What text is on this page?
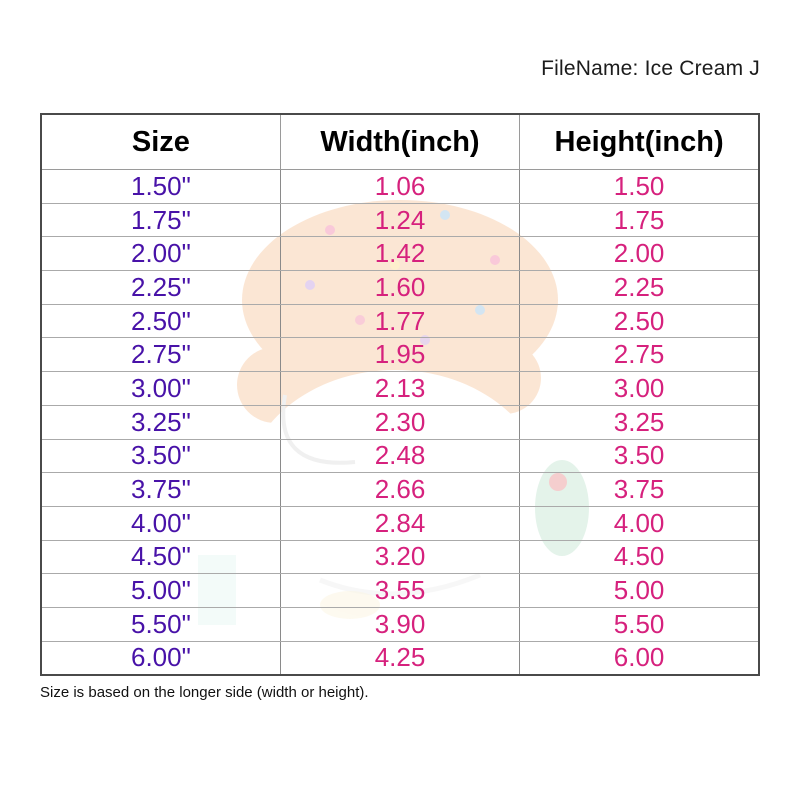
FileName: Ice Cream J
Size	Width(inch)	Height(inch)
1.50"	1.06	1.50
1.75"	1.24	1.75
2.00"	1.42	2.00
2.25"	1.60	2.25
2.50"	1.77	2.50
2.75"	1.95	2.75
3.00"	2.13	3.00
3.25"	2.30	3.25
3.50"	2.48	3.50
3.75"	2.66	3.75
4.00"	2.84	4.00
4.50"	3.20	4.50
5.00"	3.55	5.00
5.50"	3.90	5.50
6.00"	4.25	6.00
Size is based on the longer side (width or height).
